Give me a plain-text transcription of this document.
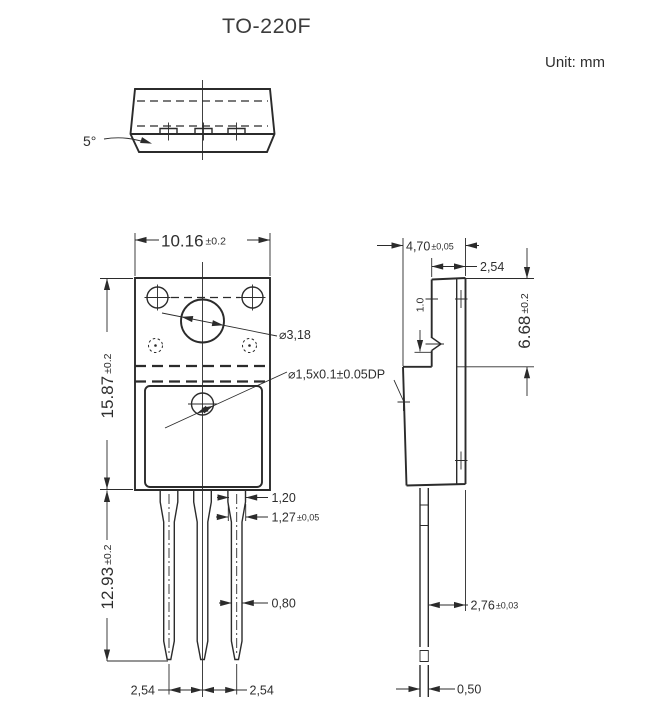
TO-220F
Unit: mm
5°
10.16 ±0.2
15.87±0.2
12.93±0.2
⌀3,18
⌀1,5x0.1±0.05DP
1,20
1,27±0,05
0,80
2,54	2,54
4,70±0,05
2,54
1.0
6.68±0.2
2,76±0,03
0,50
